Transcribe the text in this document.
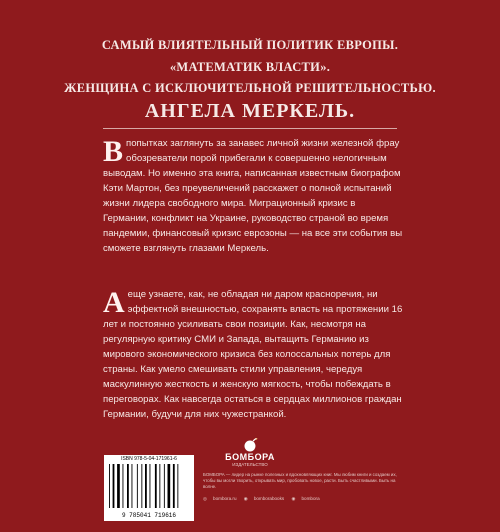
САМЫЙ ВЛИЯТЕЛЬНЫЙ ПОЛИТИК ЕВРОПЫ.
«МАТЕМАТИК ВЛАСТИ».
ЖЕНЩИНА С ИСКЛЮЧИТЕЛЬНОЙ РЕШИТЕЛЬНОСТЬЮ.
АНГЕЛА МЕРКЕЛЬ.

В попытках заглянуть за занавес личной жизни железной фрау обозреватели порой прибегали к совершенно нелогичным выводам. Но именно эта книга, написанная известным биографом Кэти Мартон, без преувеличений расскажет о полной испытаний жизни лидера свободного мира. Миграционный кризис в Германии, конфликт на Украине, руководство страной во время пандемии, финансовый кризис еврозоны — на все эти события вы сможете взглянуть глазами Меркель.

А еще узнаете, как, не обладая ни даром красноречия, ни эффектной внешностью, сохранять власть на протяжении 16 лет и постоянно усиливать свои позиции. Как, несмотря на регулярную критику СМИ и Запада, вытащить Германию из мирового экономического кризиса без колоссальных потерь для страны. Как умело смешивать стили управления, чередуя маскулинную жесткость и женскую мягкость, чтобы побеждать в переговорах. Как навсегда остаться в сердцах миллионов граждан Германии, будучи для них чужестранкой.

ISBN 978-5-04-171961-6
9 785041 719616
БОМБОРА
ИЗДАТЕЛЬСТВО

БОМБОРА — лидер на рынке полезных и вдохновляющих книг. Мы любим книги и создаем их, чтобы вы могли творить, открывать мир, пробовать новое, расти. Быть счастливыми. Быть на волне.

◎ bombora.ru ◉ bomborabooks ◉ bombora
